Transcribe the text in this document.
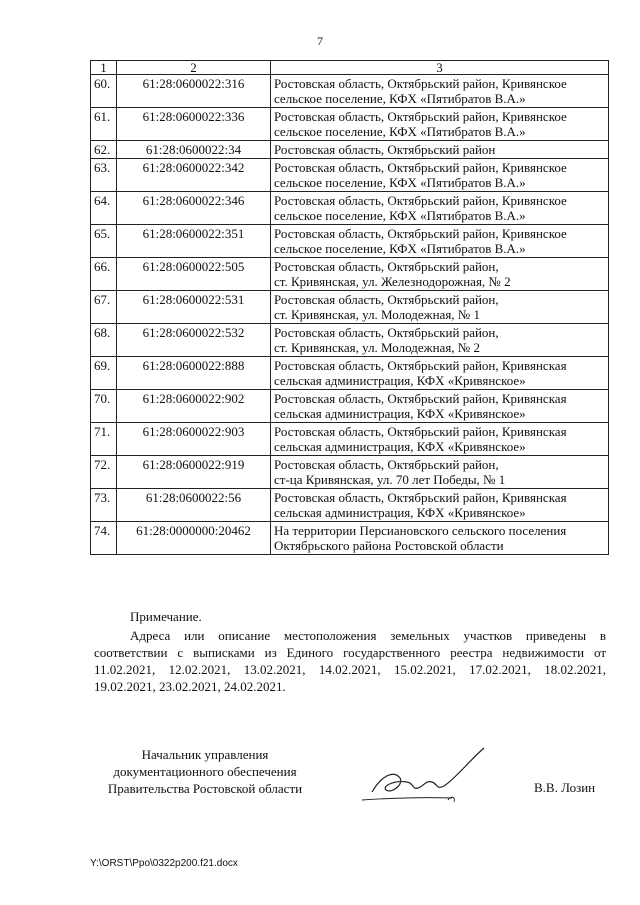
7
1	2	3
60.	61:28:0600022:316	Ростовская область, Октябрьский район, Кривянское
сельское поселение, КФХ «Пятибратов В.А.»

61.	61:28:0600022:336	Ростовская область, Октябрьский район, Кривянское
сельское поселение, КФХ «Пятибратов В.А.»

62.	61:28:0600022:34	Ростовская область, Октябрьский район

63.	61:28:0600022:342	Ростовская область, Октябрьский район, Кривянское
сельское поселение, КФХ «Пятибратов В.А.»

64.	61:28:0600022:346	Ростовская область, Октябрьский район, Кривянское
сельское поселение, КФХ «Пятибратов В.А.»

65.	61:28:0600022:351	Ростовская область, Октябрьский район, Кривянское
сельское поселение, КФХ «Пятибратов В.А.»

66.	61:28:0600022:505	Ростовская область, Октябрьский район,
ст. Кривянская, ул. Железнодорожная, № 2

67.	61:28:0600022:531	Ростовская область, Октябрьский район,
ст. Кривянская, ул. Молодежная, № 1

68.	61:28:0600022:532	Ростовская область, Октябрьский район,
ст. Кривянская, ул. Молодежная, № 2

69.	61:28:0600022:888	Ростовская область, Октябрьский район, Кривянская
сельская администрация, КФХ «Кривянское»

70.	61:28:0600022:902	Ростовская область, Октябрьский район, Кривянская
сельская администрация, КФХ «Кривянское»

71.	61:28:0600022:903	Ростовская область, Октябрьский район, Кривянская
сельская администрация, КФХ «Кривянское»

72.	61:28:0600022:919	Ростовская область, Октябрьский район,
ст-ца Кривянская, ул. 70 лет Победы, № 1

73.	61:28:0600022:56	Ростовская область, Октябрьский район, Кривянская
сельская администрация, КФХ «Кривянское»

74.	61:28:0000000:20462	На территории Персиановского сельского поселения
Октябрьского района Ростовской области
Примечание.
Адреса или описание местоположения земельных участков приведены в соответствии с выписками из Единого государственного реестра недвижимости от 11.02.2021, 12.02.2021, 13.02.2021, 14.02.2021, 15.02.2021, 17.02.2021, 18.02.2021, 19.02.2021, 23.02.2021, 24.02.2021.
Начальник управления
документационного обеспечения
Правительства Ростовской области	В.В. Лозин
Y:\ORST\Ppo\0322p200.f21.docx
